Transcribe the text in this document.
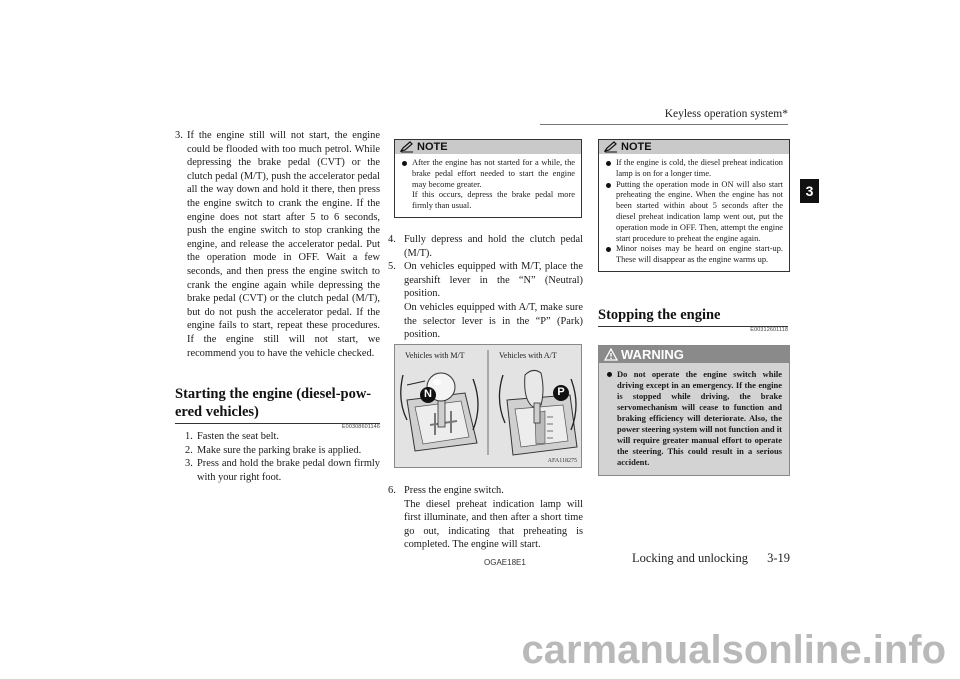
Keyless operation system*
3
3. If the engine still will not start, the engine could be flooded with too much petrol. While depressing the brake pedal (CVT) or the clutch pedal (M/T), push the accelerator pedal all the way down and hold it there, then press the engine switch to crank the engine. If the engine does not start after 5 to 6 seconds, push the engine switch to stop cranking the engine, and release the accelerator pedal. Put the operation mode in OFF. Wait a few seconds, and then press the engine switch to crank the engine again while depressing the brake pedal (CVT) or the clutch pedal (M/T), but do not push the accelerator pedal. If the engine fails to start, repeat these procedures. If the engine still will not start, we recommend you to have the vehicle checked.
Starting the engine (diesel-pow-
ered vehicles)
E00308601146
1. Fasten the seat belt.
2. Make sure the parking brake is applied.
3. Press and hold the brake pedal down firmly with your right foot.
NOTE
After the engine has not started for a while, the brake pedal effort needed to start the engine may become greater.
If this occurs, depress the brake pedal more firmly than usual.
4. Fully depress and hold the clutch pedal (M/T).
5. On vehicles equipped with M/T, place the gearshift lever in the “N” (Neutral) position.
On vehicles equipped with A/T, make sure the selector lever is in the “P” (Park) position.
Vehicles with M/T	Vehicles with A/T
N	P
AFA118275
6. Press the engine switch.
The diesel preheat indication lamp will first illuminate, and then after a short time go out, indicating that preheating is completed. The engine will start.
NOTE
If the engine is cold, the diesel preheat indication lamp is on for a longer time.
Putting the operation mode in ON will also start preheating the engine. When the engine has not been started within about 5 seconds after the diesel preheat indication lamp went out, put the operation mode in OFF. Then, attempt the engine start procedure to preheat the engine again.
Minor noises may be heard on engine start-up. These will disappear as the engine warms up.
Stopping the engine
E00312601118
WARNING
Do not operate the engine switch while driving except in an emergency. If the engine is stopped while driving, the brake servomechanism will cease to function and braking efficiency will deteriorate. Also, the power steering system will not function and it will require greater manual effort to operate the steering. This could result in a serious accident.
OGAE18E1	Locking and unlocking	3-19
carmanualsonline.info
